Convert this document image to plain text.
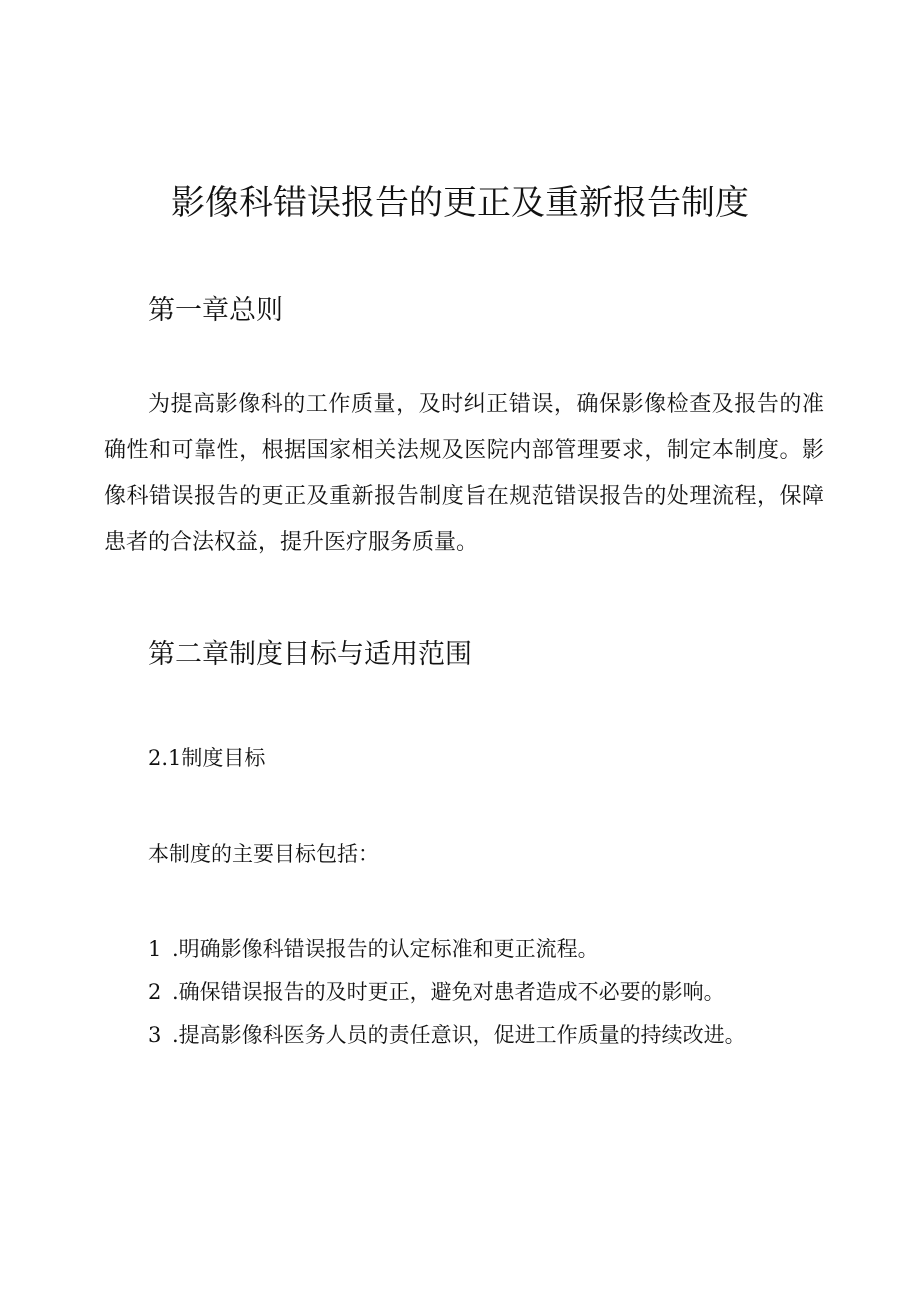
影像科错误报告的更正及重新报告制度
第一章总则

为提高影像科的工作质量，及时纠正错误，确保影像检查及报告的准确性和可靠性，根据国家相关法规及医院内部管理要求，制定本制度。影像科错误报告的更正及重新报告制度旨在规范错误报告的处理流程，保障患者的合法权益，提升医疗服务质量。

第二章制度目标与适用范围

2.1制度目标

本制度的主要目标包括：

1 .明确影像科错误报告的认定标准和更正流程。
2 .确保错误报告的及时更正，避免对患者造成不必要的影响。
3 .提高影像科医务人员的责任意识，促进工作质量的持续改进。
